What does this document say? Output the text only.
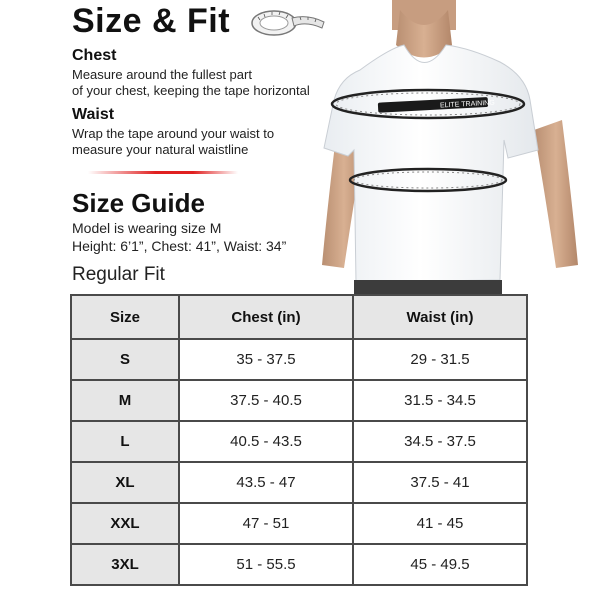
ELITE TRAINING
Size & Fit
Chest
Measure around the fullest part
of your chest, keeping the tape horizontal
Waist
Wrap the tape around your waist to
measure your natural waistline
Size Guide
Model is wearing size M
Height: 6’1”, Chest: 41”, Waist: 34”
Regular Fit
Size	Chest (in)	Waist (in)
S	35 - 37.5	29 - 31.5
M	37.5 - 40.5	31.5 - 34.5
L	40.5 - 43.5	34.5 - 37.5
XL	43.5 - 47	37.5 - 41
XXL	47 - 51	41 - 45
3XL	51 - 55.5	45 - 49.5
